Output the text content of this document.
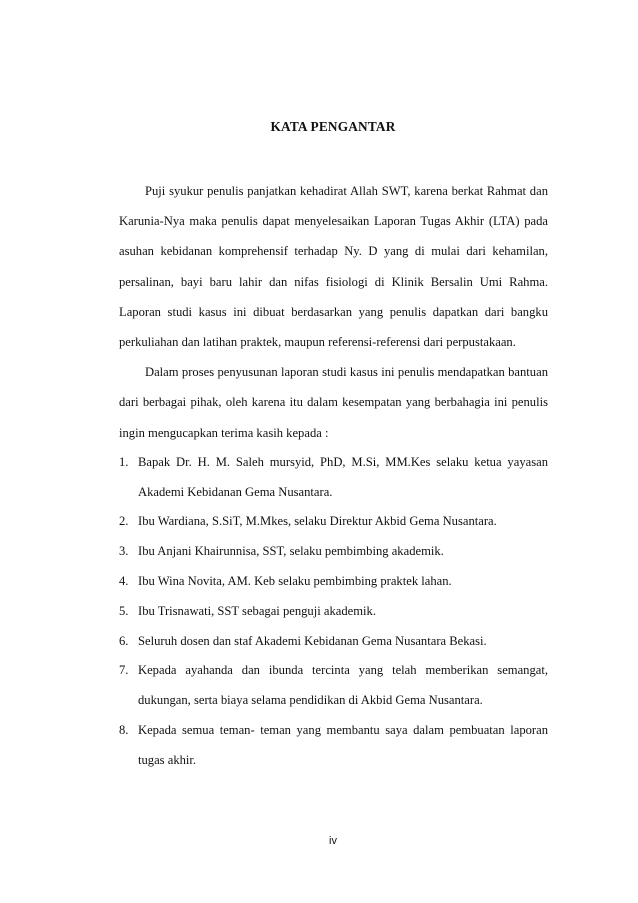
KATA PENGANTAR

Puji syukur penulis panjatkan kehadirat Allah SWT, karena berkat Rahmat dan Karunia-Nya maka penulis dapat menyelesaikan Laporan Tugas Akhir (LTA) pada asuhan kebidanan komprehensif terhadap Ny. D yang di mulai dari kehamilan, persalinan, bayi baru lahir dan nifas fisiologi di Klinik Bersalin Umi Rahma. Laporan studi kasus ini dibuat berdasarkan yang penulis dapatkan dari bangku perkuliahan dan latihan praktek, maupun referensi-referensi dari perpustakaan.

Dalam proses penyusunan laporan studi kasus ini penulis mendapatkan bantuan dari berbagai pihak, oleh karena itu dalam kesempatan yang berbahagia ini penulis ingin mengucapkan terima kasih kepada :

1. Bapak Dr. H. M. Saleh mursyid, PhD, M.Si, MM.Kes selaku ketua yayasan Akademi Kebidanan Gema Nusantara.
2. Ibu Wardiana, S.SiT, M.Mkes, selaku Direktur Akbid Gema Nusantara.
3. Ibu Anjani Khairunnisa, SST, selaku pembimbing akademik.
4. Ibu Wina Novita, AM. Keb selaku pembimbing praktek lahan.
5. Ibu Trisnawati, SST sebagai penguji akademik.
6. Seluruh dosen dan staf Akademi Kebidanan Gema Nusantara Bekasi.
7. Kepada ayahanda dan ibunda tercinta yang telah memberikan semangat, dukungan, serta biaya selama pendidikan di Akbid Gema Nusantara.
8. Kepada semua teman- teman yang membantu saya dalam pembuatan laporan tugas akhir.
iv
